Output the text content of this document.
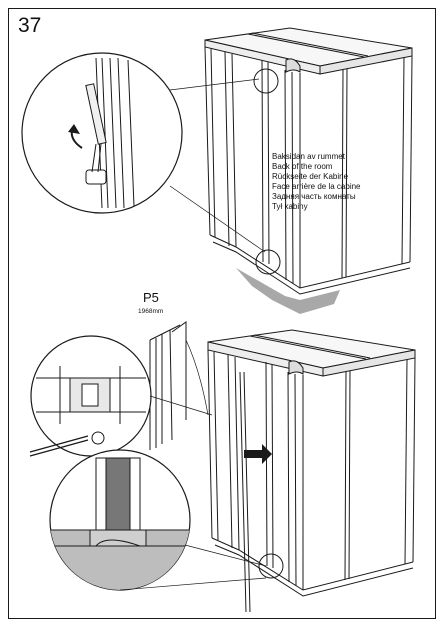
37
Baksidan av rummet
Back of the room
Rückseite der Kabine
Face arrière de la cabine
Задняя часть комнаты
Tył kabiny
P5
1968mm
